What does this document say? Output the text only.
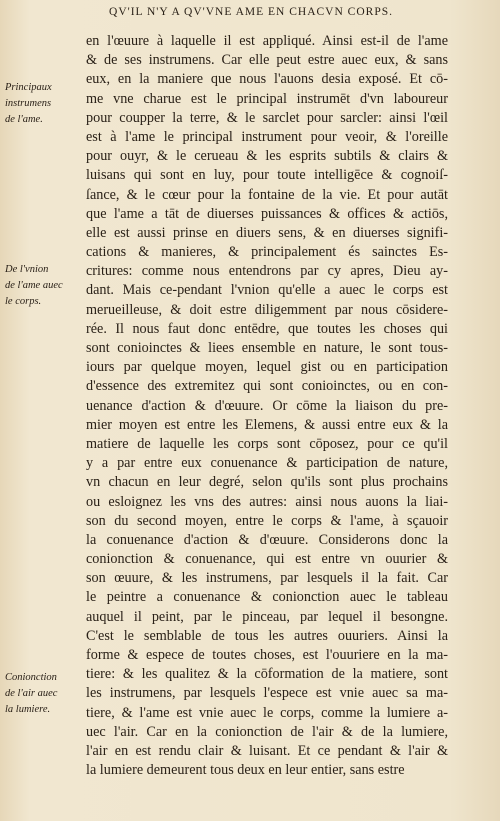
QV'IL N'Y A QV'VNE AME EN CHACVN CORPS.
Principaux
instrumens
de l'ame.
De l'vnion
de l'ame auec
le corps.
Conionction
de l'air auec
la lumiere.
en l'œuure à laquelle il est appliqué. Ainsi est-il de l'ame
& de ses instrumens. Car elle peut estre auec eux, & sans
eux, en la maniere que nous l'auons desia exposé. Et cō-
me vne charue est le principal instrumēt d'vn laboureur
pour coupper la terre, & le sarclet pour sarcler: ainsi l'œil
est à l'ame le principal instrument pour veoir, & l'oreille
pour ouyr, & le cerueau & les esprits subtils & clairs &
luisans qui sont en luy, pour toute intelligēce & cognoiſ-
ſance, & le cœur pour la fontaine de la vie. Et pour autāt
que l'ame a tāt de diuerses puissances & offices & actiōs,
elle est aussi prinse en diuers sens, & en diuerses signifi-
cations & manieres, & principalement és sainctes Es-
critures: comme nous entendrons par cy apres, Dieu ay-
dant. Mais ce-pendant l'vnion qu'elle a auec le corps est
merueilleuse, & doit estre diligemment par nous cōsidere-
rée. Il nous faut donc entēdre, que toutes les choses qui
sont conioinctes & liees ensemble en nature, le sont tous-
iours par quelque moyen, lequel gist ou en participation
d'essence des extremitez qui sont conioinctes, ou en con-
uenance d'action & d'œuure. Or cōme la liaison du pre-
mier moyen est entre les Elemens, & aussi entre eux & la
matiere de laquelle les corps sont cōposez, pour ce qu'il
y a par entre eux conuenance & participation de nature,
vn chacun en leur degré, selon qu'ils sont plus prochains
ou esloignez les vns des autres: ainsi nous auons la liai-
son du second moyen, entre le corps & l'ame, à sçauoir
la conuenance d'action & d'œuure. Considerons donc la
conionction & conuenance, qui est entre vn ouurier &
son œuure, & les instrumens, par lesquels il la fait. Car
le peintre a conuenance & conionction auec le tableau
auquel il peint, par le pinceau, par lequel il besongne.
C'est le semblable de tous les autres ouuriers. Ainsi la
forme & espece de toutes choses, est l'ouuriere en la ma-
tiere: & les qualitez & la cōformation de la matiere, sont
les instrumens, par lesquels l'espece est vnie auec sa ma-
tiere, & l'ame est vnie auec le corps, comme la lumiere a-
uec l'air. Car en la conionction de l'air & de la lumiere,
l'air en est rendu clair & luisant. Et ce pendant & l'air &
la lumiere demeurent tous deux en leur entier, sans estre
